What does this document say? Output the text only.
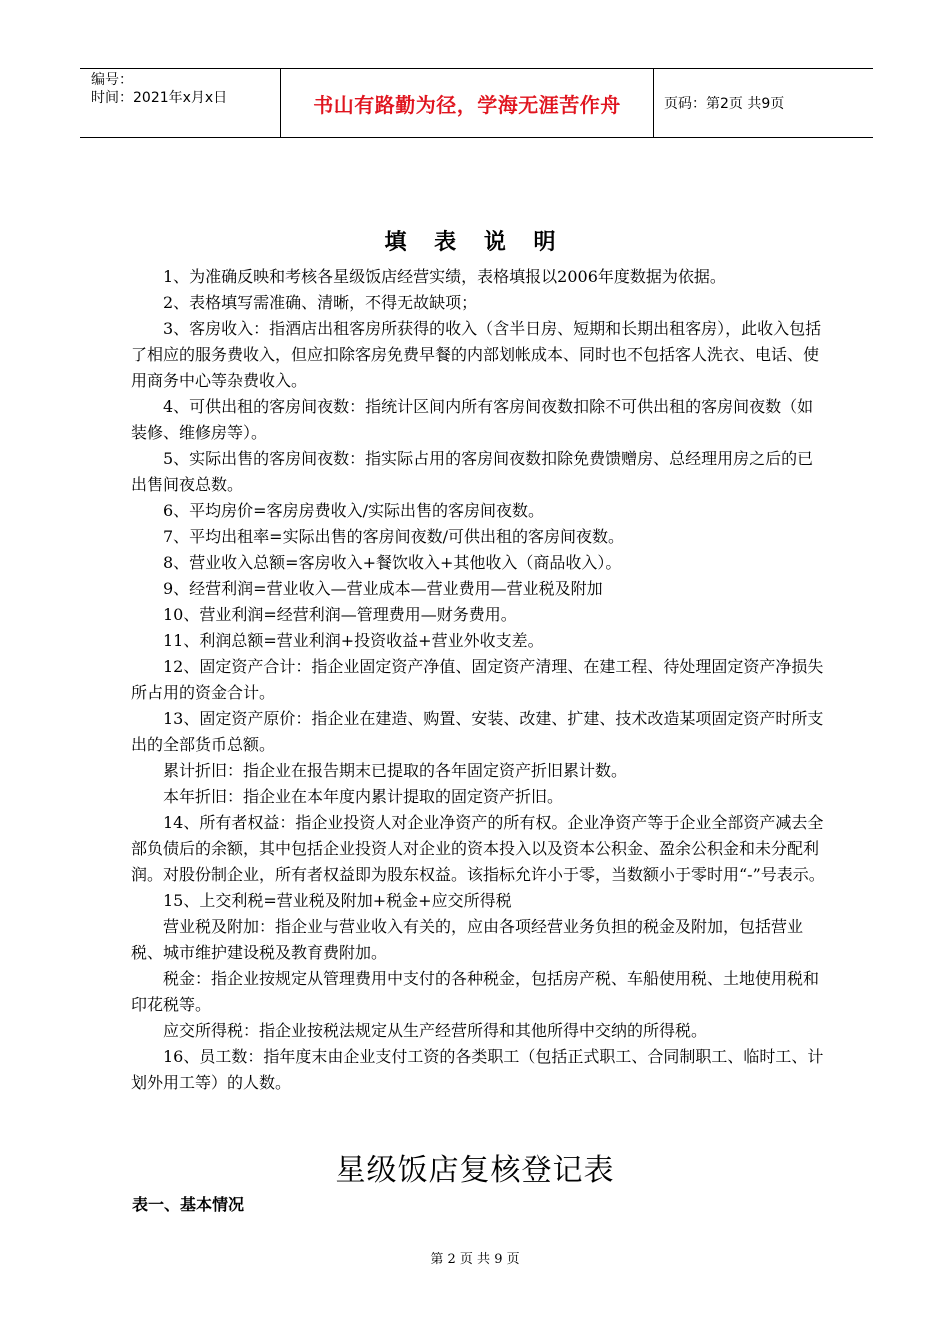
编号：
时间：2021年x月x日	书山有路勤为径，学海无涯苦作舟	页码：第2页 共9页
填 表 说 明

1、为准确反映和考核各星级饭店经营实绩，表格填报以2006年度数据为依据。

2、表格填写需准确、清晰，不得无故缺项；

3、客房收入：指酒店出租客房所获得的收入（含半日房、短期和长期出租客房），此收入包括了相应的服务费收入，但应扣除客房免费早餐的内部划帐成本、同时也不包括客人洗衣、电话、使用商务中心等杂费收入。

4、可供出租的客房间夜数：指统计区间内所有客房间夜数扣除不可供出租的客房间夜数（如装修、维修房等）。

5、实际出售的客房间夜数：指实际占用的客房间夜数扣除免费馈赠房、总经理用房之后的已出售间夜总数。

6、平均房价=客房房费收入/实际出售的客房间夜数。

7、平均出租率=实际出售的客房间夜数/可供出租的客房间夜数。

8、营业收入总额=客房收入+餐饮收入+其他收入（商品收入）。

9、经营利润=营业收入—营业成本—营业费用—营业税及附加

10、营业利润=经营利润—管理费用—财务费用。

11、利润总额=营业利润+投资收益+营业外收支差。

12、固定资产合计：指企业固定资产净值、固定资产清理、在建工程、待处理固定资产净损失所占用的资金合计。

13、固定资产原价：指企业在建造、购置、安装、改建、扩建、技术改造某项固定资产时所支出的全部货币总额。

累计折旧：指企业在报告期末已提取的各年固定资产折旧累计数。

本年折旧：指企业在本年度内累计提取的固定资产折旧。

14、所有者权益：指企业投资人对企业净资产的所有权。企业净资产等于企业全部资产减去全部负债后的余额，其中包括企业投资人对企业的资本投入以及资本公积金、盈余公积金和未分配利润。对股份制企业，所有者权益即为股东权益。该指标允许小于零，当数额小于零时用“-”号表示。

15、上交利税=营业税及附加+税金+应交所得税

营业税及附加：指企业与营业收入有关的，应由各项经营业务负担的税金及附加，包括营业税、城市维护建设税及教育费附加。

税金：指企业按规定从管理费用中支付的各种税金，包括房产税、车船使用税、土地使用税和印花税等。

应交所得税：指企业按税法规定从生产经营所得和其他所得中交纳的所得税。

16、员工数：指年度末由企业支付工资的各类职工（包括正式职工、合同制职工、临时工、计划外用工等）的人数。

星级饭店复核登记表
表一、基本情况
第 2 页 共 9 页
